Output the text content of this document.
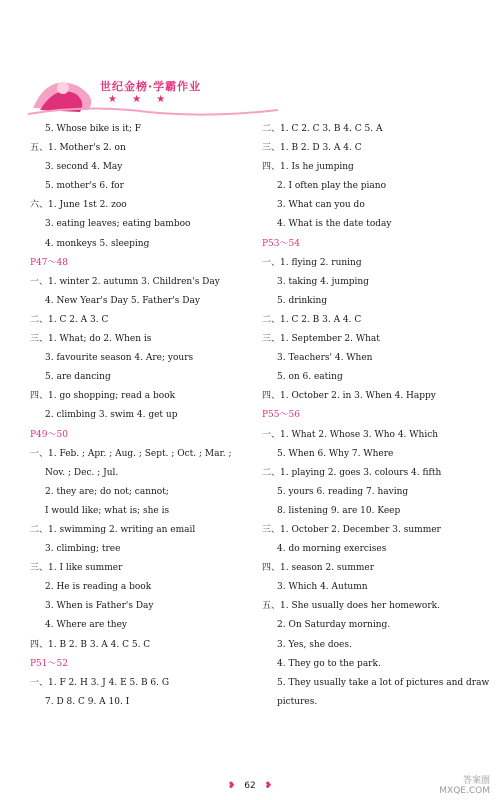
世纪金榜·学霸作业
★ ★ ★
5. Whose bike is it; F
五、1. Mother's 2. on
3. second 4. May
5. mother's 6. for
六、1. June 1st 2. zoo
3. eating leaves; eating bamboo
4. monkeys 5. sleeping
P47～48
一、1. winter 2. autumn 3. Children's Day
4. New Year's Day 5. Father's Day
二、1. C 2. A 3. C
三、1. What; do 2. When is
3. favourite season 4. Are; yours
5. are dancing
四、1. go shopping; read a book
2. climbing 3. swim 4. get up
P49～50
一、1. Feb. ; Apr. ; Aug. ; Sept. ; Oct. ; Mar. ;
Nov. ; Dec. ; Jul.
2. they are; do not; cannot;
I would like; what is; she is
二、1. swimming 2. writing an email
3. climbing; tree
三、1. I like summer
2. He is reading a book
3. When is Father's Day
4. Where are they
四、1. B 2. B 3. A 4. C 5. C
P51～52
一、1. F 2. H 3. J 4. E 5. B 6. G
7. D 8. C 9. A 10. I
二、1. C 2. C 3. B 4. C 5. A
三、1. B 2. D 3. A 4. C
四、1. Is he jumping
2. I often play the piano
3. What can you do
4. What is the date today
P53～54
一、1. flying 2. runing
3. taking 4. jumping
5. drinking
二、1. C 2. B 3. A 4. C
三、1. September 2. What
3. Teachers' 4. When
5. on 6. eating
四、1. October 2. in 3. When 4. Happy
P55～56
一、1. What 2. Whose 3. Who 4. Which
5. When 6. Why 7. Where
二、1. playing 2. goes 3. colours 4. fifth
5. yours 6. reading 7. having
8. listening 9. are 10. Keep
三、1. October 2. December 3. summer
4. do morning exercises
四、1. season 2. summer
3. Which 4. Autumn
五、1. She usually does her homework.
2. On Saturday morning.
3. Yes, she does.
4. They go to the park.
5. They usually take a lot of pictures and draw
pictures.
❥ 62 ❥	答案圈
MXQE.COM
